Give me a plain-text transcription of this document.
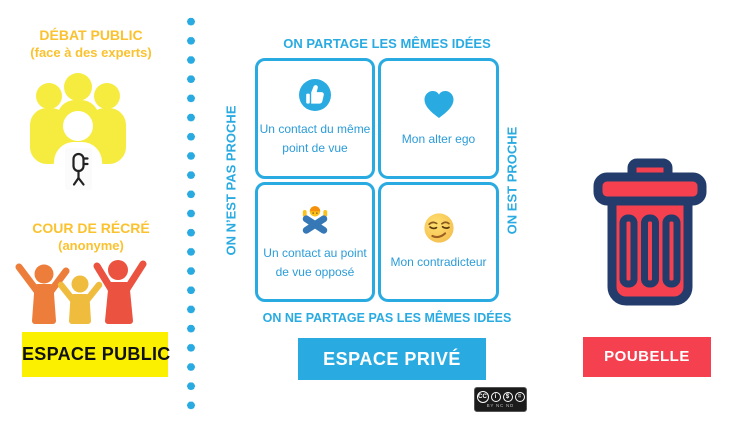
DÉBAT PUBLIC
(face à des experts)
COUR DE RÉCRÉ
(anonyme)
ESPACE PUBLIC
ON PARTAGE LES MÊMES IDÉES
ON N’EST PAS PROCHE	ON EST PROCHE
Un contact du même point de vue
Mon alter ego
Un contact au point de vue opposé
Mon contradicteur
ON NE PARTAGE PAS LES MÊMES IDÉES
ESPACE PRIVÉ
CC	i	$	=
BY NC ND
POUBELLE
